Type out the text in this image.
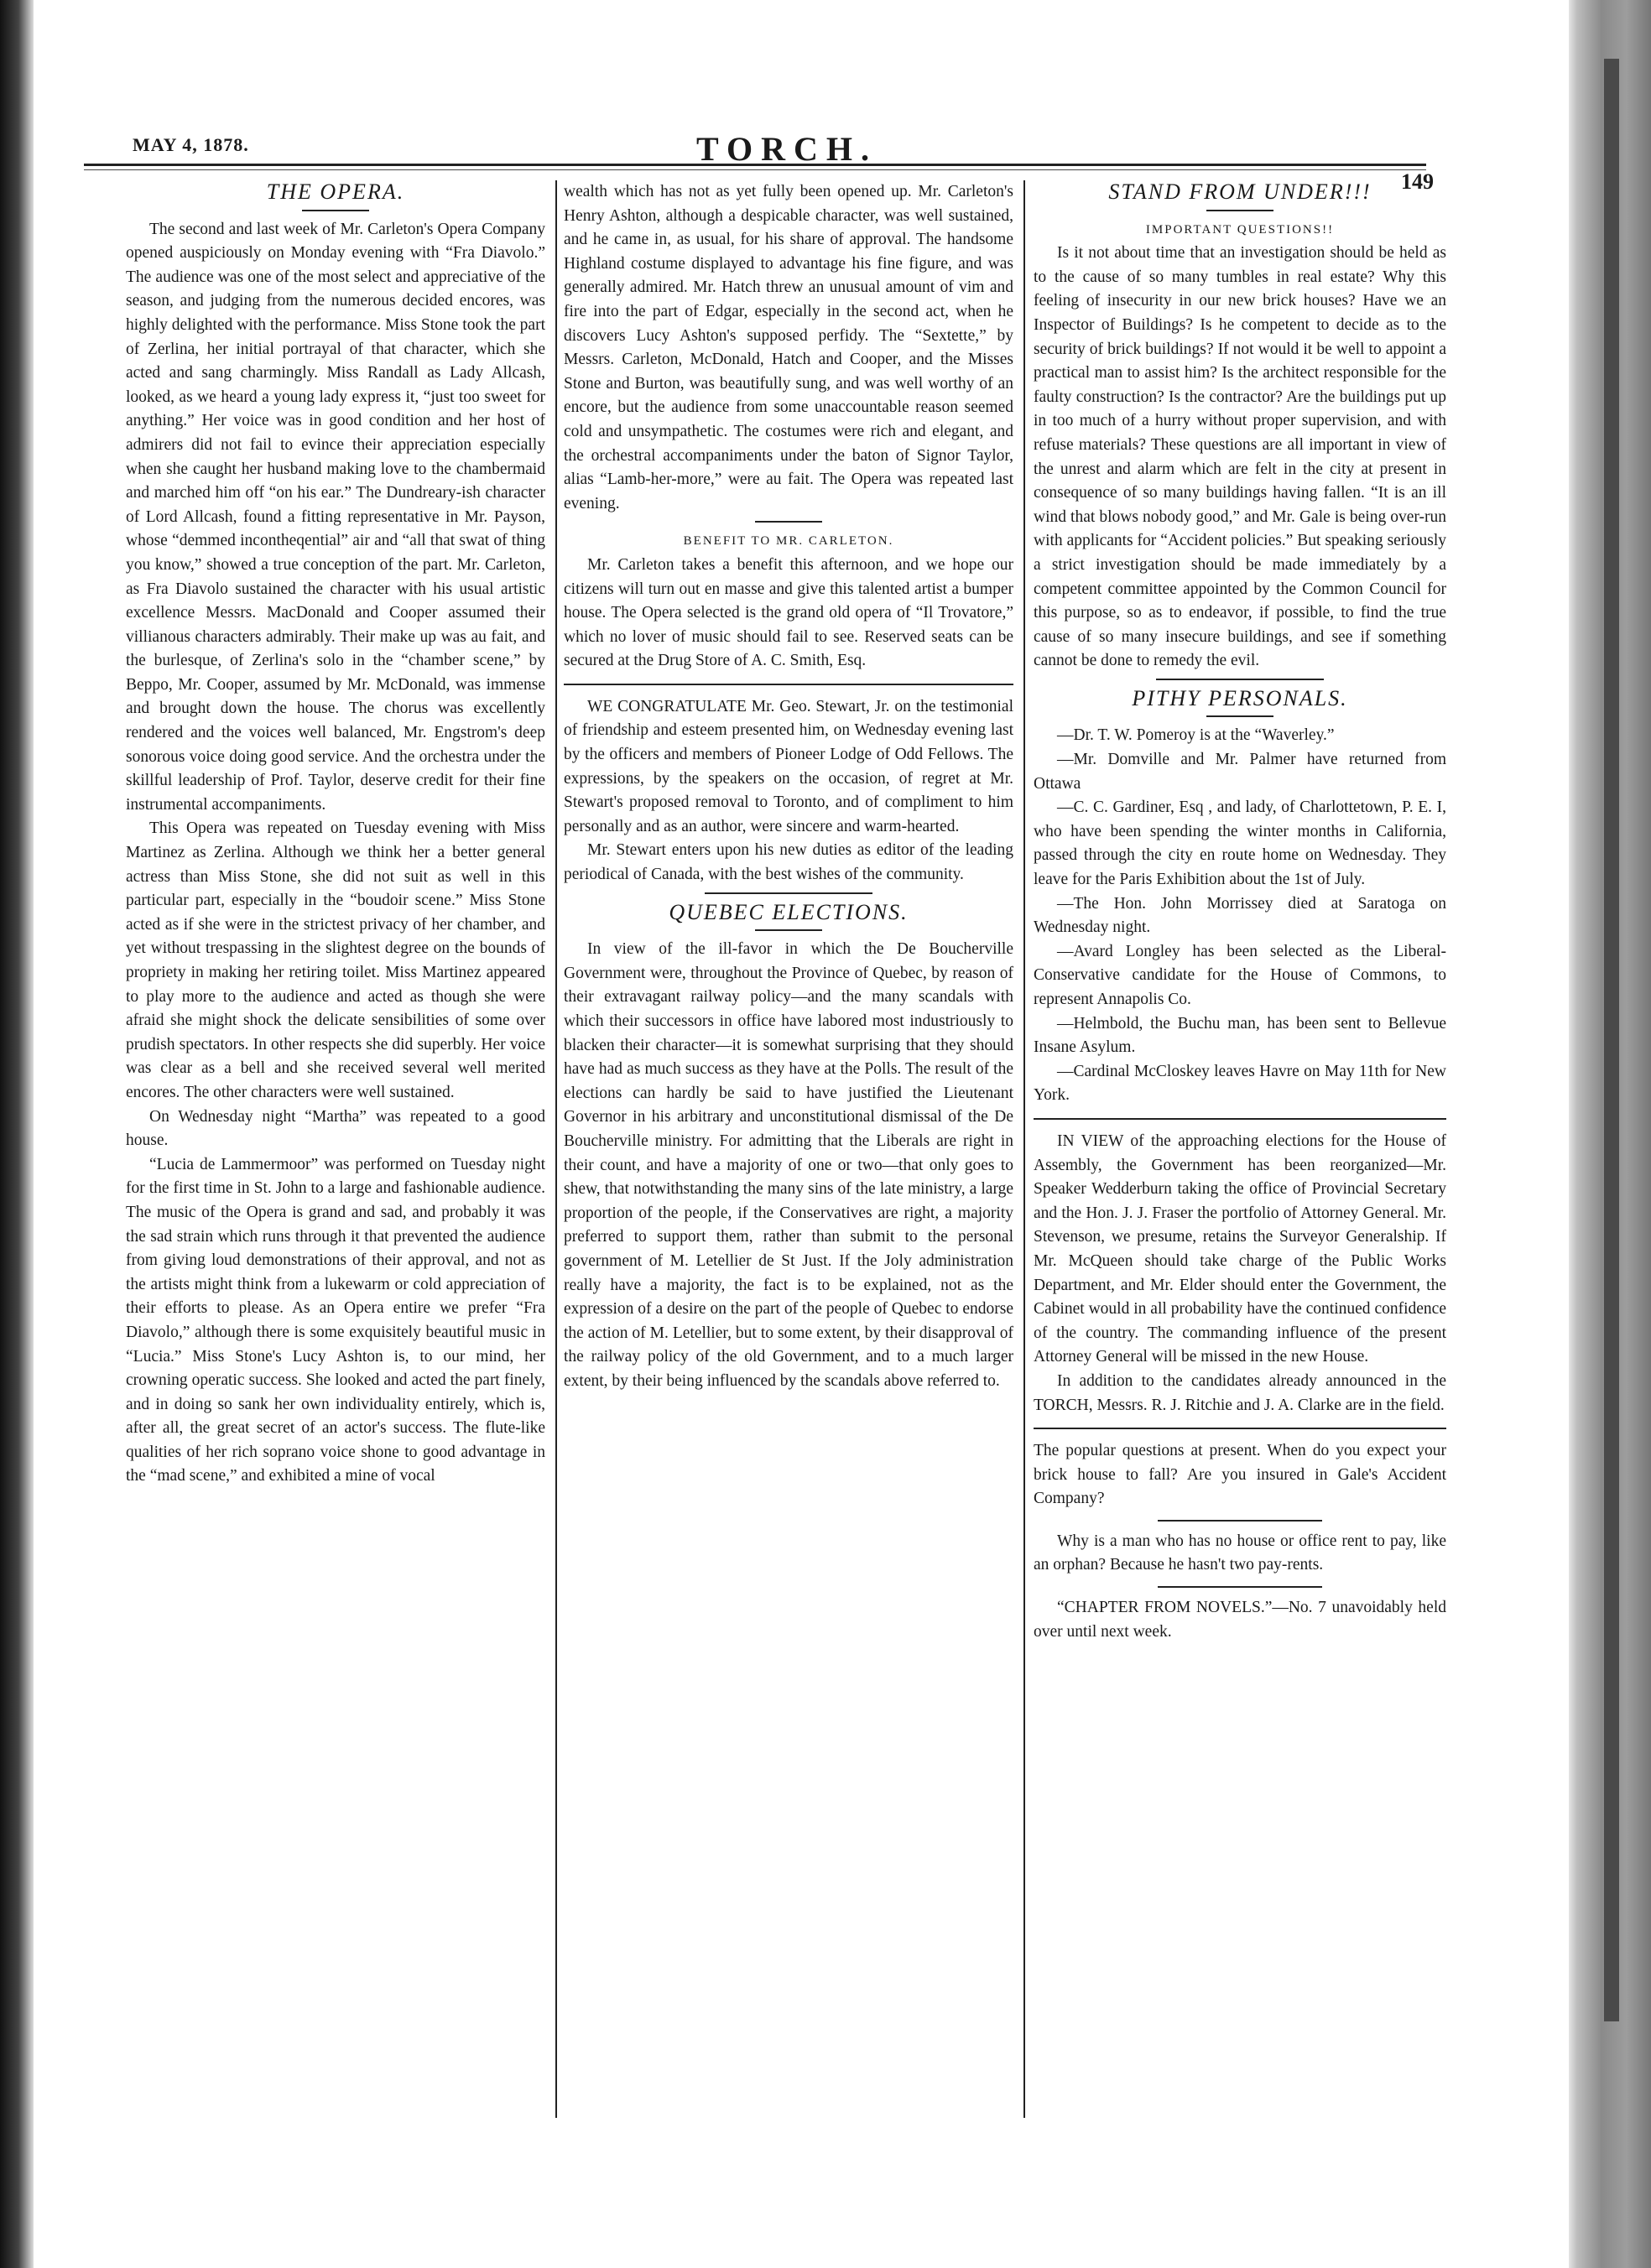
MAY 4, 1878.	TORCH.
149

THE OPERA.

The second and last week of Mr. Carleton's Opera Company opened auspiciously on Monday evening with “Fra Diavolo.” The audience was one of the most select and appreciative of the season, and judging from the numerous decided encores, was highly delighted with the performance. Miss Stone took the part of Zerlina, her initial portrayal of that character, which she acted and sang charmingly. Miss Randall as Lady Allcash, looked, as we heard a young lady express it, “just too sweet for anything.” Her voice was in good condition and her host of admirers did not fail to evince their appreciation especially when she caught her husband making love to the chambermaid and marched him off “on his ear.” The Dundreary-ish character of Lord Allcash, found a fitting representative in Mr. Payson, whose “demmed incontheqential” air and “all that swat of thing you know,” showed a true conception of the part. Mr. Carleton, as Fra Diavolo sustained the character with his usual artistic excellence Messrs. MacDonald and Cooper assumed their villianous characters admirably. Their make up was au fait, and the burlesque, of Zerlina's solo in the “chamber scene,” by Beppo, Mr. Cooper, assumed by Mr. McDonald, was immense and brought down the house. The chorus was excellently rendered and the voices well balanced, Mr. Engstrom's deep sonorous voice doing good service. And the orchestra under the skillful leadership of Prof. Taylor, deserve credit for their fine instrumental accompaniments.

This Opera was repeated on Tuesday evening with Miss Martinez as Zerlina. Although we think her a better general actress than Miss Stone, she did not suit as well in this particular part, especially in the “boudoir scene.” Miss Stone acted as if she were in the strictest privacy of her chamber, and yet without trespassing in the slightest degree on the bounds of propriety in making her retiring toilet. Miss Martinez appeared to play more to the audience and acted as though she were afraid she might shock the delicate sensibilities of some over prudish spectators. In other respects she did superbly. Her voice was clear as a bell and she received several well merited encores. The other characters were well sustained.

On Wednesday night “Martha” was repeated to a good house.

“Lucia de Lammermoor” was performed on Tuesday night for the first time in St. John to a large and fashionable audience. The music of the Opera is grand and sad, and probably it was the sad strain which runs through it that prevented the audience from giving loud demonstrations of their approval, and not as the artists might think from a lukewarm or cold appreciation of their efforts to please. As an Opera entire we prefer “Fra Diavolo,” although there is some exquisitely beautiful music in “Lucia.” Miss Stone's Lucy Ashton is, to our mind, her crowning operatic success. She looked and acted the part finely, and in doing so sank her own individuality entirely, which is, after all, the great secret of an actor's success. The flute-like qualities of her rich soprano voice shone to good advantage in the “mad scene,” and exhibited a mine of vocal

wealth which has not as yet fully been opened up. Mr. Carleton's Henry Ashton, although a despicable character, was well sustained, and he came in, as usual, for his share of approval. The handsome Highland costume displayed to advantage his fine figure, and was generally admired. Mr. Hatch threw an unusual amount of vim and fire into the part of Edgar, especially in the second act, when he discovers Lucy Ashton's supposed perfidy. The “Sextette,” by Messrs. Carleton, McDonald, Hatch and Cooper, and the Misses Stone and Burton, was beautifully sung, and was well worthy of an encore, but the audience from some unaccountable reason seemed cold and unsympathetic. The costumes were rich and elegant, and the orchestral accompaniments under the baton of Signor Taylor, alias “Lamb-her-more,” were au fait. The Opera was repeated last evening.

BENEFIT TO MR. CARLETON.

Mr. Carleton takes a benefit this afternoon, and we hope our citizens will turn out en masse and give this talented artist a bumper house. The Opera selected is the grand old opera of “Il Trovatore,” which no lover of music should fail to see. Reserved seats can be secured at the Drug Store of A. C. Smith, Esq.

WE CONGRATULATE Mr. Geo. Stewart, Jr. on the testimonial of friendship and esteem presented him, on Wednesday evening last by the officers and members of Pioneer Lodge of Odd Fellows. The expressions, by the speakers on the occasion, of regret at Mr. Stewart's proposed removal to Toronto, and of compliment to him personally and as an author, were sincere and warm-hearted.

Mr. Stewart enters upon his new duties as editor of the leading periodical of Canada, with the best wishes of the community.

QUEBEC ELECTIONS.

In view of the ill-favor in which the De Boucherville Government were, throughout the Province of Quebec, by reason of their extravagant railway policy—and the many scandals with which their successors in office have labored most industriously to blacken their character—it is somewhat surprising that they should have had as much success as they have at the Polls. The result of the elections can hardly be said to have justified the Lieutenant Governor in his arbitrary and unconstitutional dismissal of the De Boucherville ministry. For admitting that the Liberals are right in their count, and have a majority of one or two—that only goes to shew, that notwithstanding the many sins of the late ministry, a large proportion of the people, if the Conservatives are right, a majority preferred to support them, rather than submit to the personal government of M. Letellier de St Just. If the Joly administration really have a majority, the fact is to be explained, not as the expression of a desire on the part of the people of Quebec to endorse the action of M. Letellier, but to some extent, by their disapproval of the railway policy of the old Government, and to a much larger extent, by their being influenced by the scandals above referred to.

STAND FROM UNDER!!!

IMPORTANT QUESTIONS!!

Is it not about time that an investigation should be held as to the cause of so many tumbles in real estate? Why this feeling of insecurity in our new brick houses? Have we an Inspector of Buildings? Is he competent to decide as to the security of brick buildings? If not would it be well to appoint a practical man to assist him? Is the architect responsible for the faulty construction? Is the contractor? Are the buildings put up in too much of a hurry without proper supervision, and with refuse materials? These questions are all important in view of the unrest and alarm which are felt in the city at present in consequence of so many buildings having fallen. “It is an ill wind that blows nobody good,” and Mr. Gale is being over-run with applicants for “Accident policies.” But speaking seriously a strict investigation should be made immediately by a competent committee appointed by the Common Council for this purpose, so as to endeavor, if possible, to find the true cause of so many insecure buildings, and see if something cannot be done to remedy the evil.

PITHY PERSONALS.

—Dr. T. W. Pomeroy is at the “Waverley.”

—Mr. Domville and Mr. Palmer have returned from Ottawa

—C. C. Gardiner, Esq , and lady, of Charlottetown, P. E. I, who have been spending the winter months in California, passed through the city en route home on Wednesday. They leave for the Paris Exhibition about the 1st of July.

—The Hon. John Morrissey died at Saratoga on Wednesday night.

—Avard Longley has been selected as the Liberal-Conservative candidate for the House of Commons, to represent Annapolis Co.

—Helmbold, the Buchu man, has been sent to Bellevue Insane Asylum.

—Cardinal McCloskey leaves Havre on May 11th for New York.

IN VIEW of the approaching elections for the House of Assembly, the Government has been reorganized—Mr. Speaker Wedderburn taking the office of Provincial Secretary and the Hon. J. J. Fraser the portfolio of Attorney General. Mr. Stevenson, we presume, retains the Surveyor Generalship. If Mr. McQueen should take charge of the Public Works Department, and Mr. Elder should enter the Government, the Cabinet would in all probability have the continued confidence of the country. The commanding influence of the present Attorney General will be missed in the new House.

In addition to the candidates already announced in the TORCH, Messrs. R. J. Ritchie and J. A. Clarke are in the field.

The popular questions at present. When do you expect your brick house to fall? Are you insured in Gale's Accident Company?

Why is a man who has no house or office rent to pay, like an orphan? Because he hasn't two pay-rents.

“CHAPTER FROM NOVELS.”—No. 7 unavoidably held over until next week.
